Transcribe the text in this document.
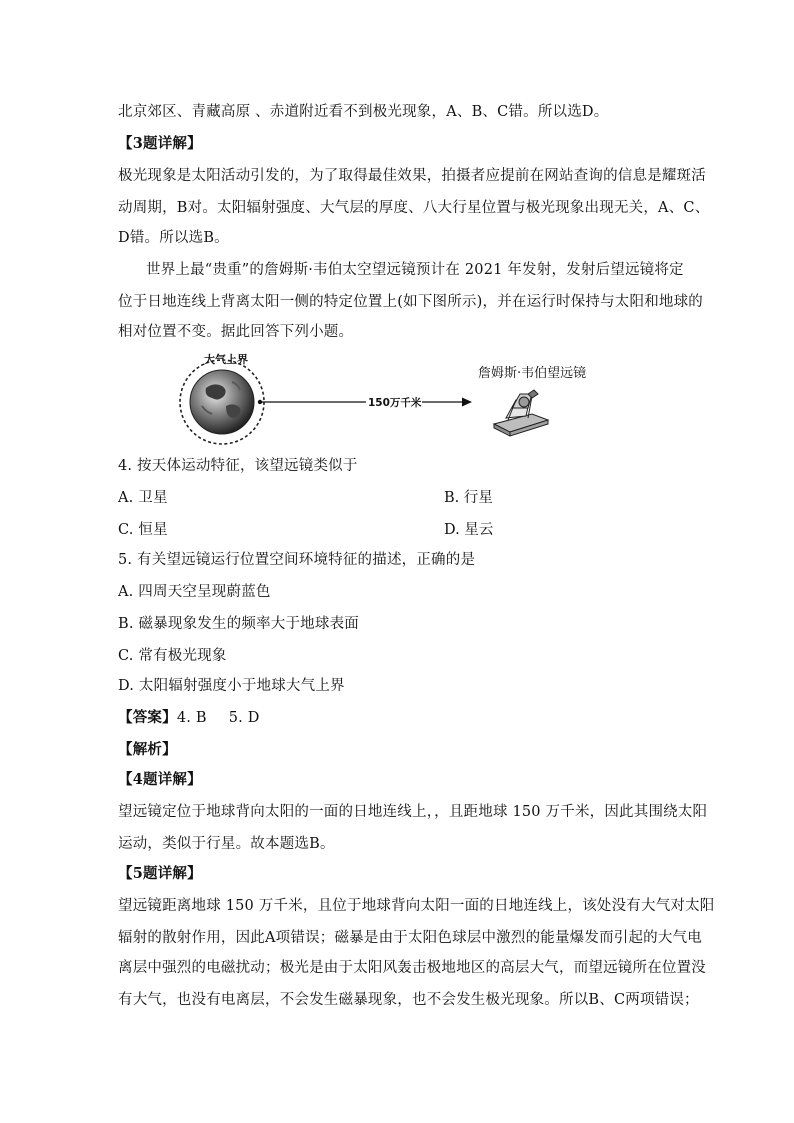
北京郊区、青藏高原 、赤道附近看不到极光现象，A、B、C错。所以选D。
【3题详解】
极光现象是太阳活动引发的，为了取得最佳效果，拍摄者应提前在网站查询的信息是耀斑活
动周期，B对。太阳辐射强度、大气层的厚度、八大行星位置与极光现象出现无关，A、C、
D错。所以选B。
世界上最“贵重”的詹姆斯·韦伯太空望远镜预计在 2021 年发射，发射后望远镜将定
位于日地连线上背离太阳一侧的特定位置上(如下图所示)，并在运行时保持与太阳和地球的
相对位置不变。据此回答下列小题。
大气上界
150万千米
詹姆斯·韦伯望远镜
4. 按天体运动特征，该望远镜类似于
A. 卫星	B. 行星
C. 恒星	D. 星云
5. 有关望远镜运行位置空间环境特征的描述，正确的是
A. 四周天空呈现蔚蓝色
B. 磁暴现象发生的频率大于地球表面
C. 常有极光现象
D. 太阳辐射强度小于地球大气上界
【答案】4. B 5. D
【解析】
【4题详解】
望远镜定位于地球背向太阳的一面的日地连线上，，且距地球 150 万千米，因此其围绕太阳
运动，类似于行星。故本题选B。
【5题详解】
望远镜距离地球 150 万千米，且位于地球背向太阳一面的日地连线上，该处没有大气对太阳
辐射的散射作用，因此A项错误；磁暴是由于太阳色球层中激烈的能量爆发而引起的大气电
离层中强烈的电磁扰动；极光是由于太阳风轰击极地地区的高层大气，而望远镜所在位置没
有大气，也没有电离层，不会发生磁暴现象，也不会发生极光现象。所以B、C两项错误；
